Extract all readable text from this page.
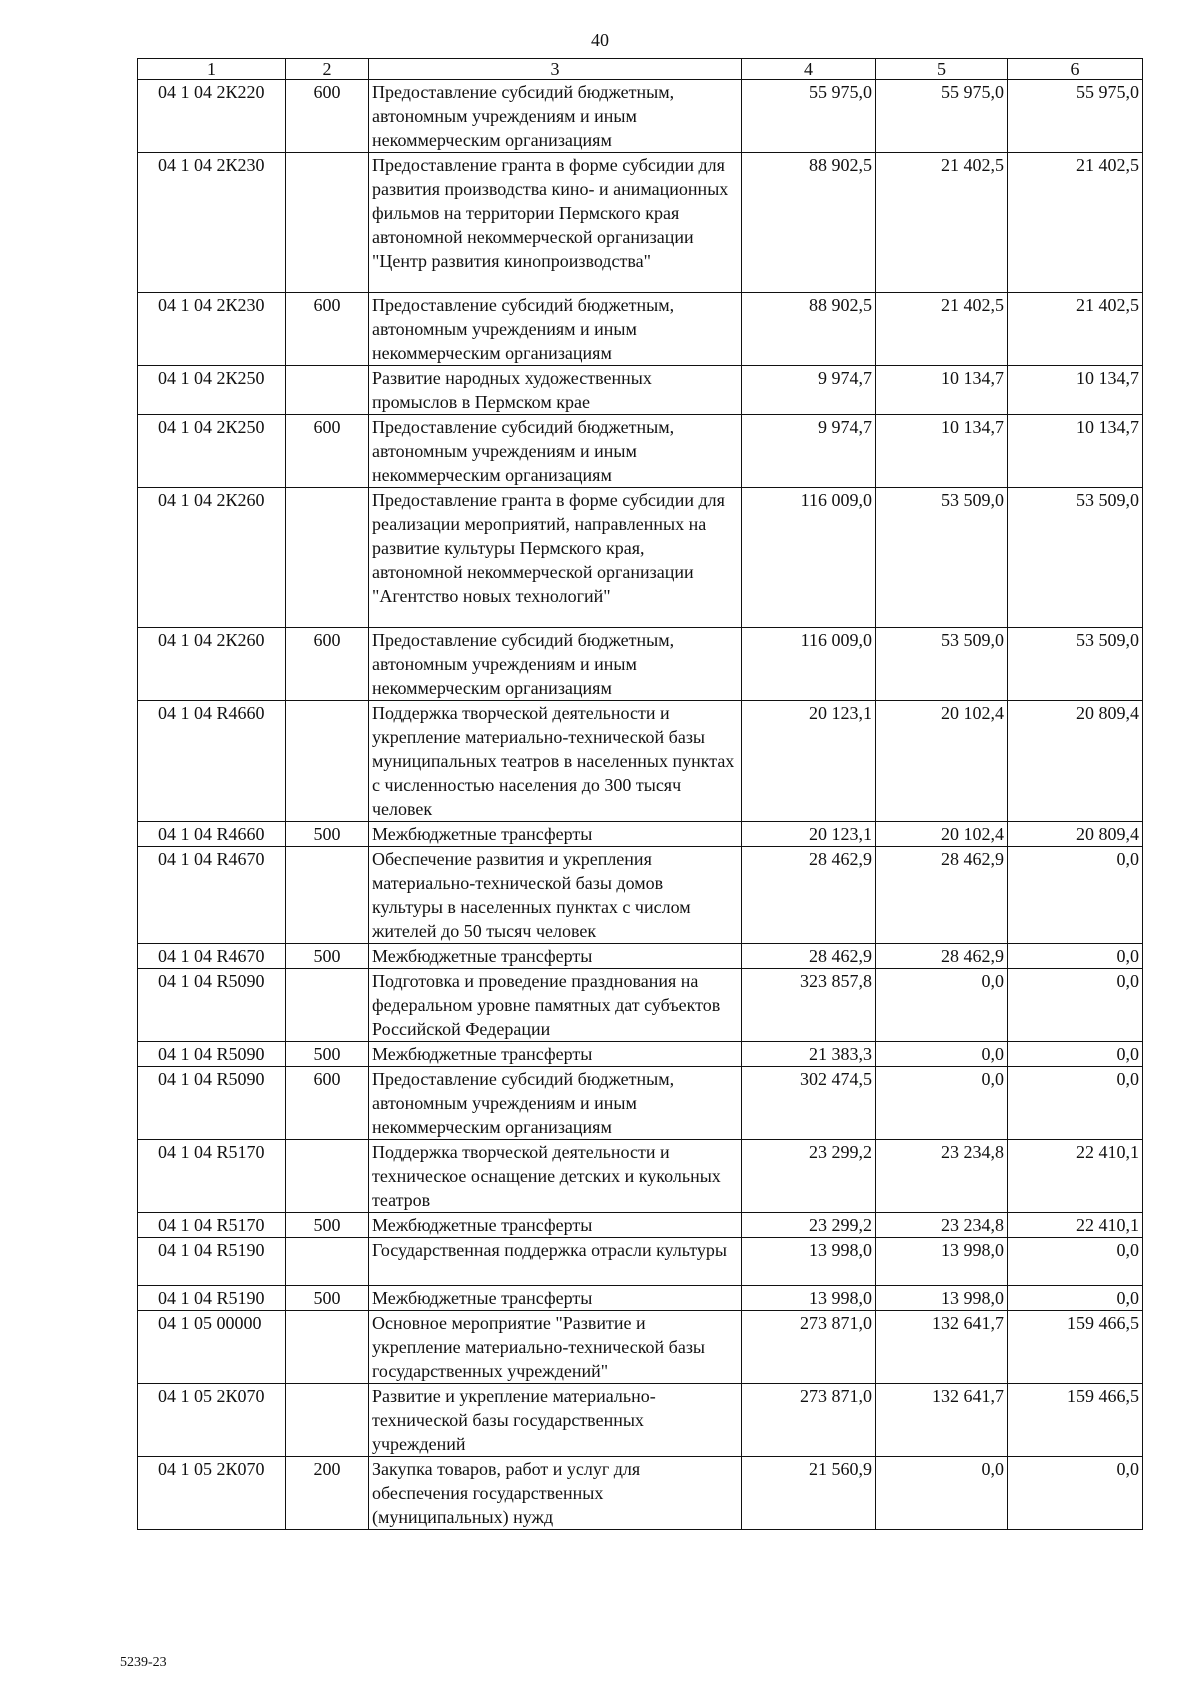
40
1	2	3	4	5	6
04 1 04 2К220	600	Предоставление субсидий бюджетным, автономным учреждениям и иным некоммерческим организациям	55 975,0	55 975,0	55 975,0
04 1 04 2К230		Предоставление гранта в форме субсидии для развития производства кино- и анимационных фильмов на территории Пермского края автономной некоммерческой организации "Центр развития кинопроизводства"	88 902,5	21 402,5	21 402,5
04 1 04 2К230	600	Предоставление субсидий бюджетным, автономным учреждениям и иным некоммерческим организациям	88 902,5	21 402,5	21 402,5
04 1 04 2К250		Развитие народных художественных промыслов в Пермском крае	9 974,7	10 134,7	10 134,7
04 1 04 2К250	600	Предоставление субсидий бюджетным, автономным учреждениям и иным некоммерческим организациям	9 974,7	10 134,7	10 134,7
04 1 04 2К260		Предоставление гранта в форме субсидии для реализации мероприятий, направленных на развитие культуры Пермского края, автономной некоммерческой организации "Агентство новых технологий"	116 009,0	53 509,0	53 509,0
04 1 04 2К260	600	Предоставление субсидий бюджетным, автономным учреждениям и иным некоммерческим организациям	116 009,0	53 509,0	53 509,0
04 1 04 R4660		Поддержка творческой деятельности и укрепление материально-технической базы муниципальных театров в населенных пунктах с численностью населения до 300 тысяч человек	20 123,1	20 102,4	20 809,4
04 1 04 R4660	500	Межбюджетные трансферты	20 123,1	20 102,4	20 809,4
04 1 04 R4670		Обеспечение развития и укрепления материально-технической базы домов культуры в населенных пунктах с числом жителей до 50 тысяч человек	28 462,9	28 462,9	0,0
04 1 04 R4670	500	Межбюджетные трансферты	28 462,9	28 462,9	0,0
04 1 04 R5090		Подготовка и проведение празднования на федеральном уровне памятных дат субъектов Российской Федерации	323 857,8	0,0	0,0
04 1 04 R5090	500	Межбюджетные трансферты	21 383,3	0,0	0,0
04 1 04 R5090	600	Предоставление субсидий бюджетным, автономным учреждениям и иным некоммерческим организациям	302 474,5	0,0	0,0
04 1 04 R5170		Поддержка творческой деятельности и техническое оснащение детских и кукольных театров	23 299,2	23 234,8	22 410,1
04 1 04 R5170	500	Межбюджетные трансферты	23 299,2	23 234,8	22 410,1
04 1 04 R5190		Государственная поддержка отрасли культуры	13 998,0	13 998,0	0,0
04 1 04 R5190	500	Межбюджетные трансферты	13 998,0	13 998,0	0,0
04 1 05 00000		Основное мероприятие "Развитие и укрепление материально-технической базы государственных учреждений"	273 871,0	132 641,7	159 466,5
04 1 05 2К070		Развитие и укрепление материально-технической базы государственных учреждений	273 871,0	132 641,7	159 466,5
04 1 05 2К070	200	Закупка товаров, работ и услуг для обеспечения государственных (муниципальных) нужд	21 560,9	0,0	0,0
5239-23
